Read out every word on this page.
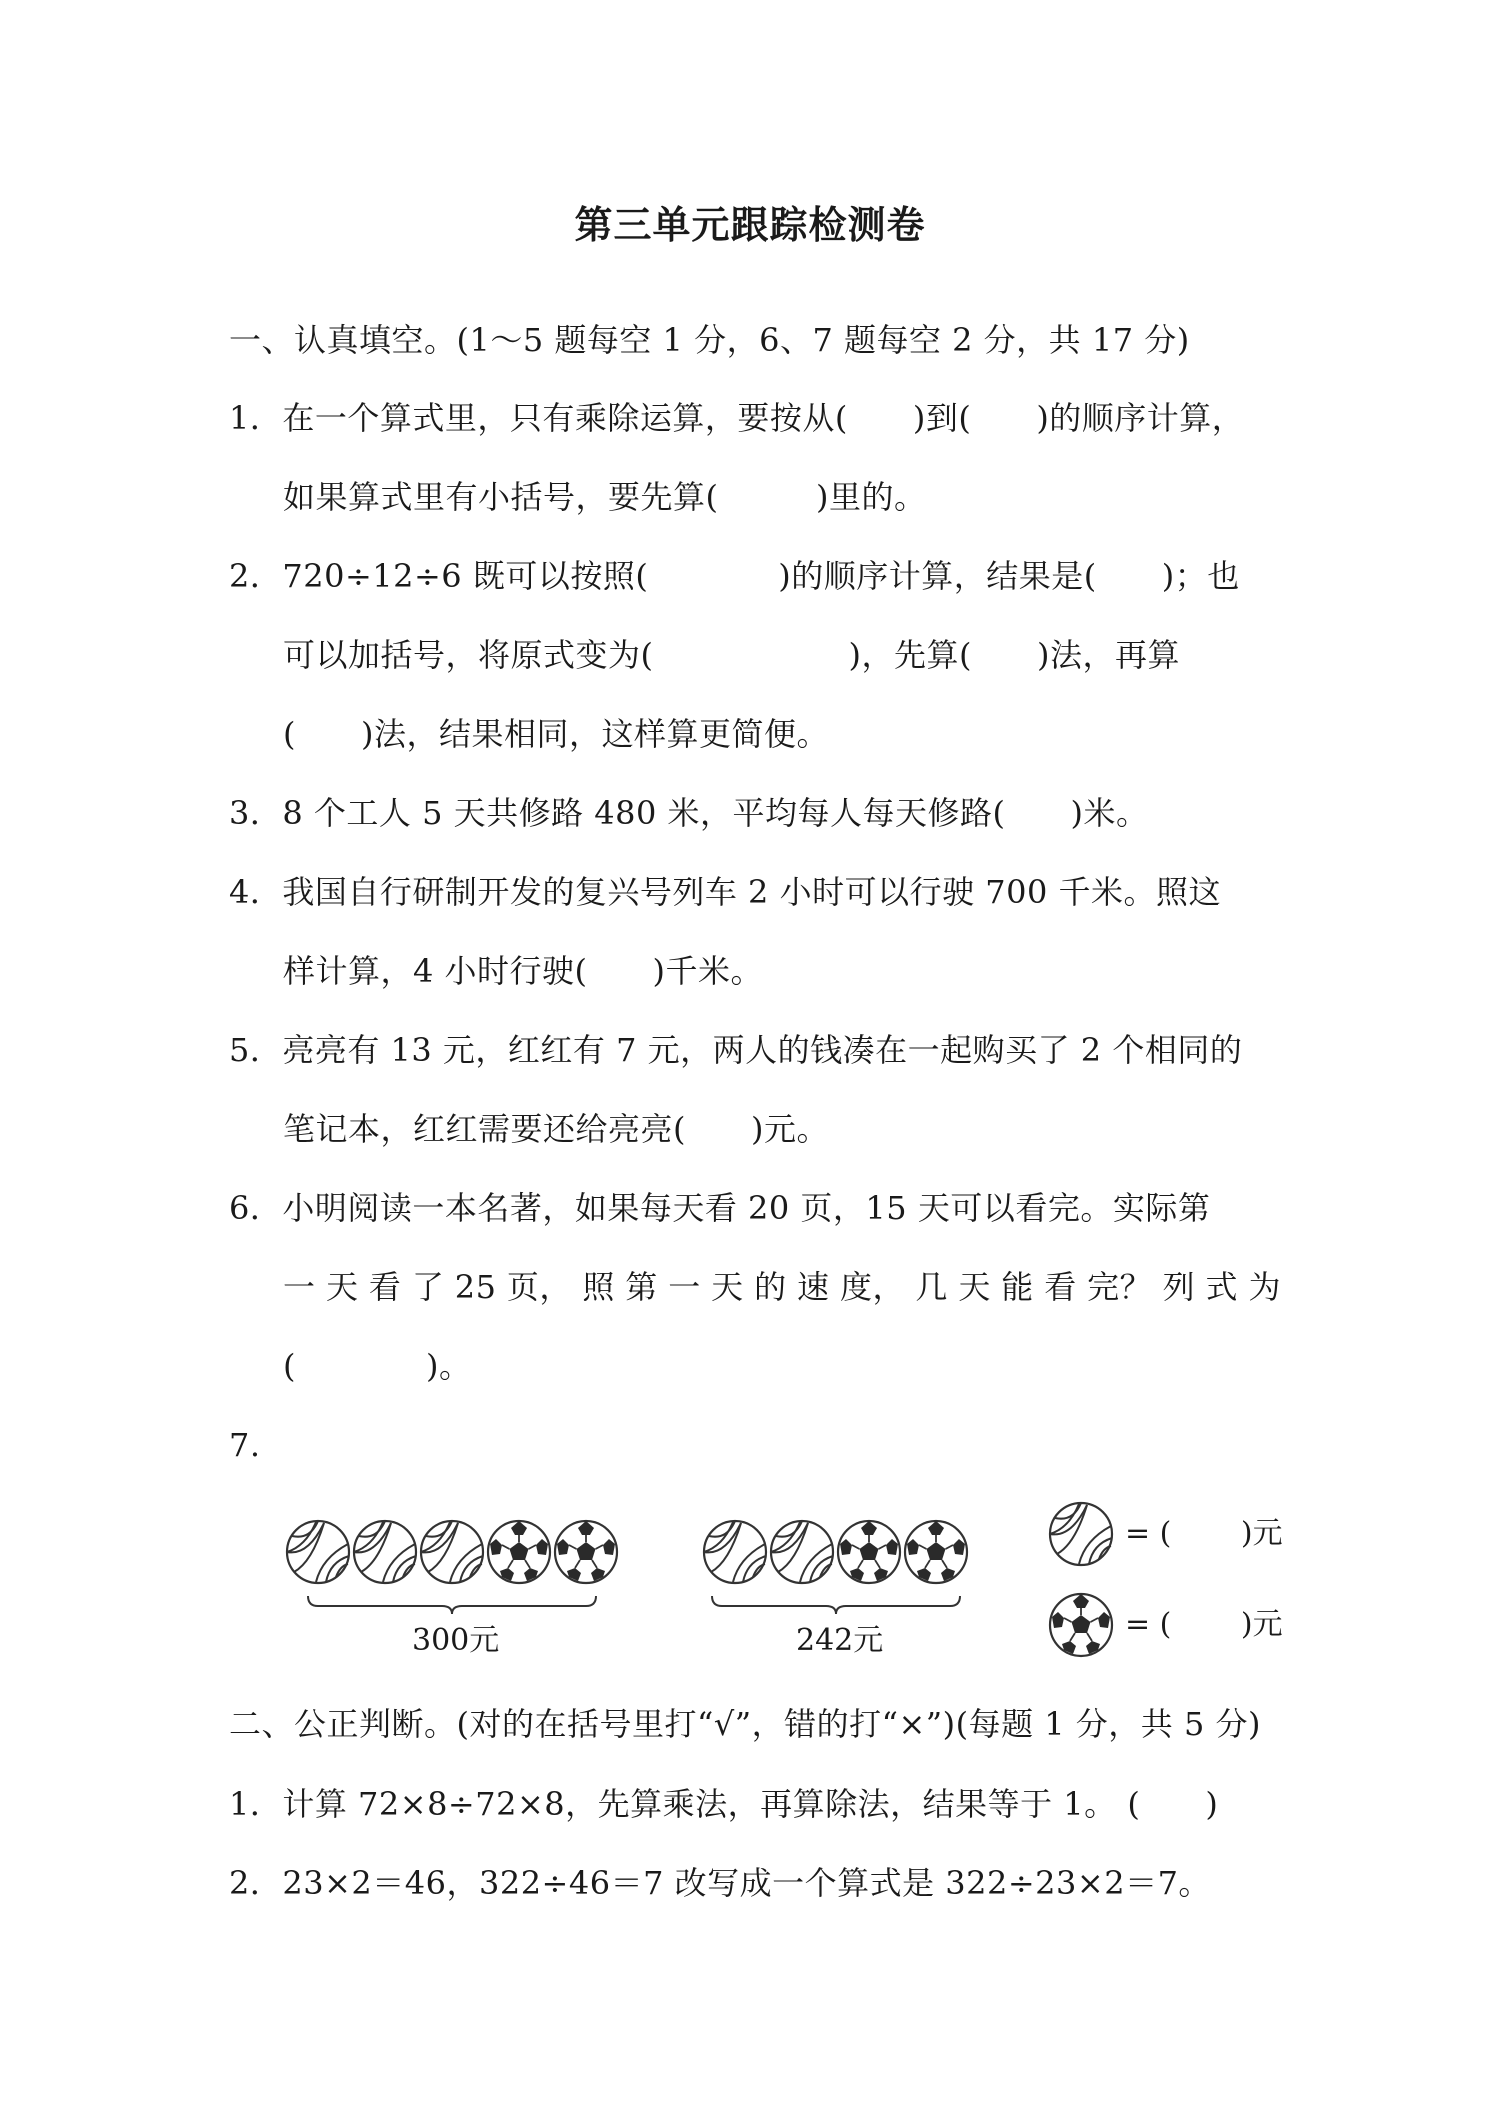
第三单元跟踪检测卷
一、认真填空。(1～5 题每空 1 分，6、7 题每空 2 分，共 17 分)
1．在一个算式里，只有乘除运算，要按从(　　)到(　　)的顺序计算，
如果算式里有小括号，要先算(　　　)里的。
2．720÷12÷6 既可以按照(　　　　)的顺序计算，结果是(　　)；也
可以加括号，将原式变为(　　　　　　)，先算(　　)法，再算
(　　)法，结果相同，这样算更简便。
3．8 个工人 5 天共修路 480 米，平均每人每天修路(　　)米。
4．我国自行研制开发的复兴号列车 2 小时可以行驶 700 千米。照这
样计算，4 小时行驶(　　)千米。
5．亮亮有 13 元，红红有 7 元，两人的钱凑在一起购买了 2 个相同的
笔记本，红红需要还给亮亮(　　)元。
6．小明阅读一本名著，如果每天看 20 页，15 天可以看完。实际第
一 天 看 了 25 页， 照 第 一 天 的 速 度， 几 天 能 看 完？ 列 式 为
(　　　　)。
7.
300元	242元
= (　　 )元
= (　　 )元
二、公正判断。(对的在括号里打“√”，错的打“×”)(每题 1 分，共 5 分)
1．计算 72×8÷72×8，先算乘法，再算除法，结果等于 1。 (　　)
2．23×2＝46，322÷46＝7 改写成一个算式是 322÷23×2＝7。
